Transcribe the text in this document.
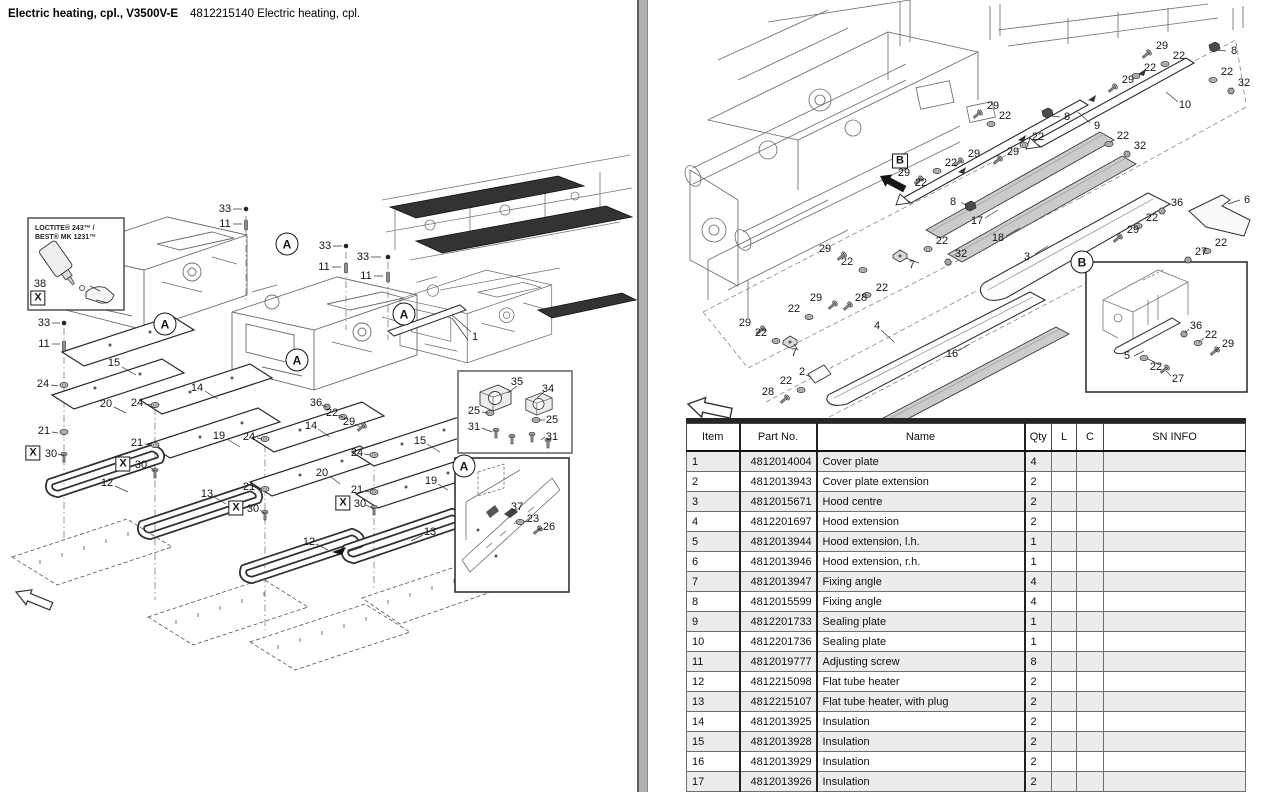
Electric heating, cpl., V3500V-E 4812215140 Electric heating, cpl.
LOCTITE® 243™ /
BEST® MK 1231™
33
11
A	33
11
33
11
33
11
A
A
A
1
15
24
20
21
X 30
12
14
24
19
21
X 30
13
36
22
29
14
24
20
21
X 30
12
15
24
19
21
X 30
13
35
34
25
31
25
31
A
37
23
26
38
X
B
29
22
29
22	8
22
29
22
32
10
29
22	8
9
22	22
32
29
29
22
8
17
18
3
22
32
36
22
29
6
22
27
29
22	7
22
28
29
22
29
22
7
4
16
2
22
28
B
36
22
29
5
22
27
Item	Part No.	Name	Qty	L	C	SN INFO
1	4812014004	Cover plate	4			
2	4812013943	Cover plate extension	2			
3	4812015671	Hood centre	2			
4	4812201697	Hood extension	2			
5	4812013944	Hood extension, l.h.	1			
6	4812013946	Hood extension, r.h.	1			
7	4812013947	Fixing angle	4			
8	4812015599	Fixing angle	4			
9	4812201733	Sealing plate	1			
10	4812201736	Sealing plate	1			
11	4812019777	Adjusting screw	8			
12	4812215098	Flat tube heater	2			
13	4812215107	Flat tube heater, with plug	2			
14	4812013925	Insulation	2			
15	4812013928	Insulation	2			
16	4812013929	Insulation	2			
17	4812013926	Insulation	2			
